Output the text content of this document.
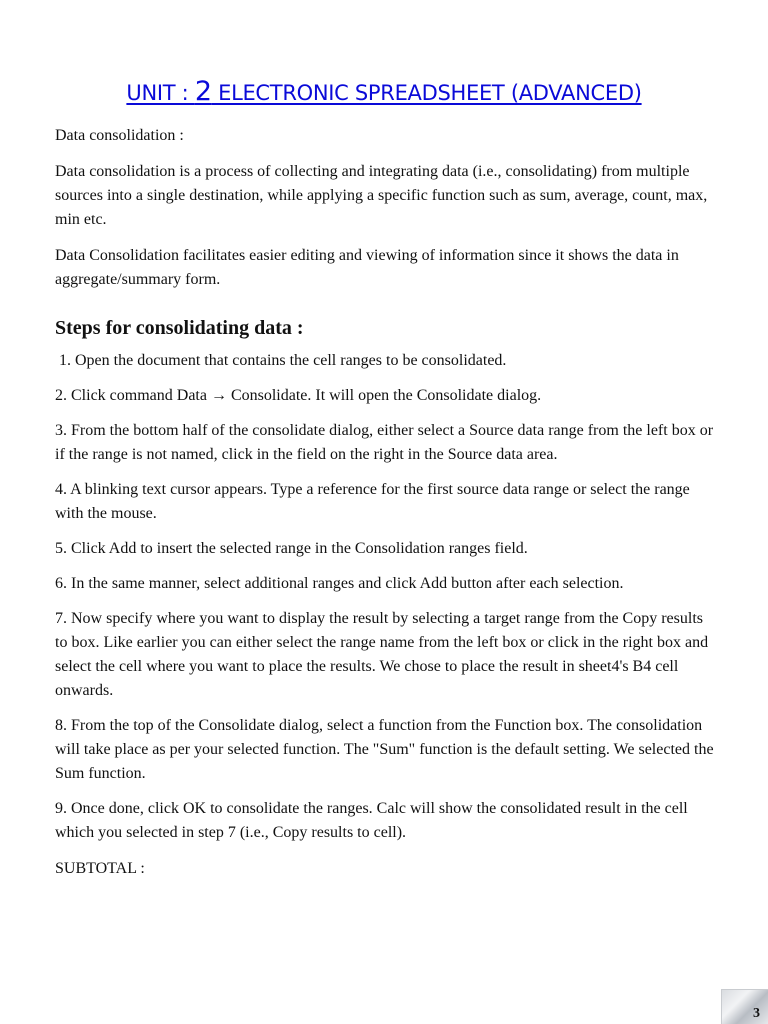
UNIT : 2 ELECTRONIC SPREADSHEET (ADVANCED)

Data consolidation :

Data consolidation is a process of collecting and integrating data (i.e., consolidating) from multiple sources into a single destination, while applying a specific function such as sum, average, count, max, min etc.

Data Consolidation facilitates easier editing and viewing of information since it shows the data in aggregate/summary form.

Steps for consolidating data :

1. Open the document that contains the cell ranges to be consolidated.

2. Click command Data → Consolidate. It will open the Consolidate dialog.

3. From the bottom half of the consolidate dialog, either select a Source data range from the left box or if the range is not named, click in the field on the right in the Source data area.

4. A blinking text cursor appears. Type a reference for the first source data range or select the range with the mouse.

5. Click Add to insert the selected range in the Consolidation ranges field.

6. In the same manner, select additional ranges and click Add button after each selection.

7. Now specify where you want to display the result by selecting a target range from the Copy results to box. Like earlier you can either select the range name from the left box or click in the right box and select the cell where you want to place the results. We chose to place the result in sheet4's B4 cell onwards.

8. From the top of the Consolidate dialog, select a function from the Function box. The consolidation will take place as per your selected function. The "Sum" function is the default setting. We selected the Sum function.

9. Once done, click OK to consolidate the ranges. Calc will show the consolidated result in the cell which you selected in step 7 (i.e., Copy results to cell).

SUBTOTAL :

3
